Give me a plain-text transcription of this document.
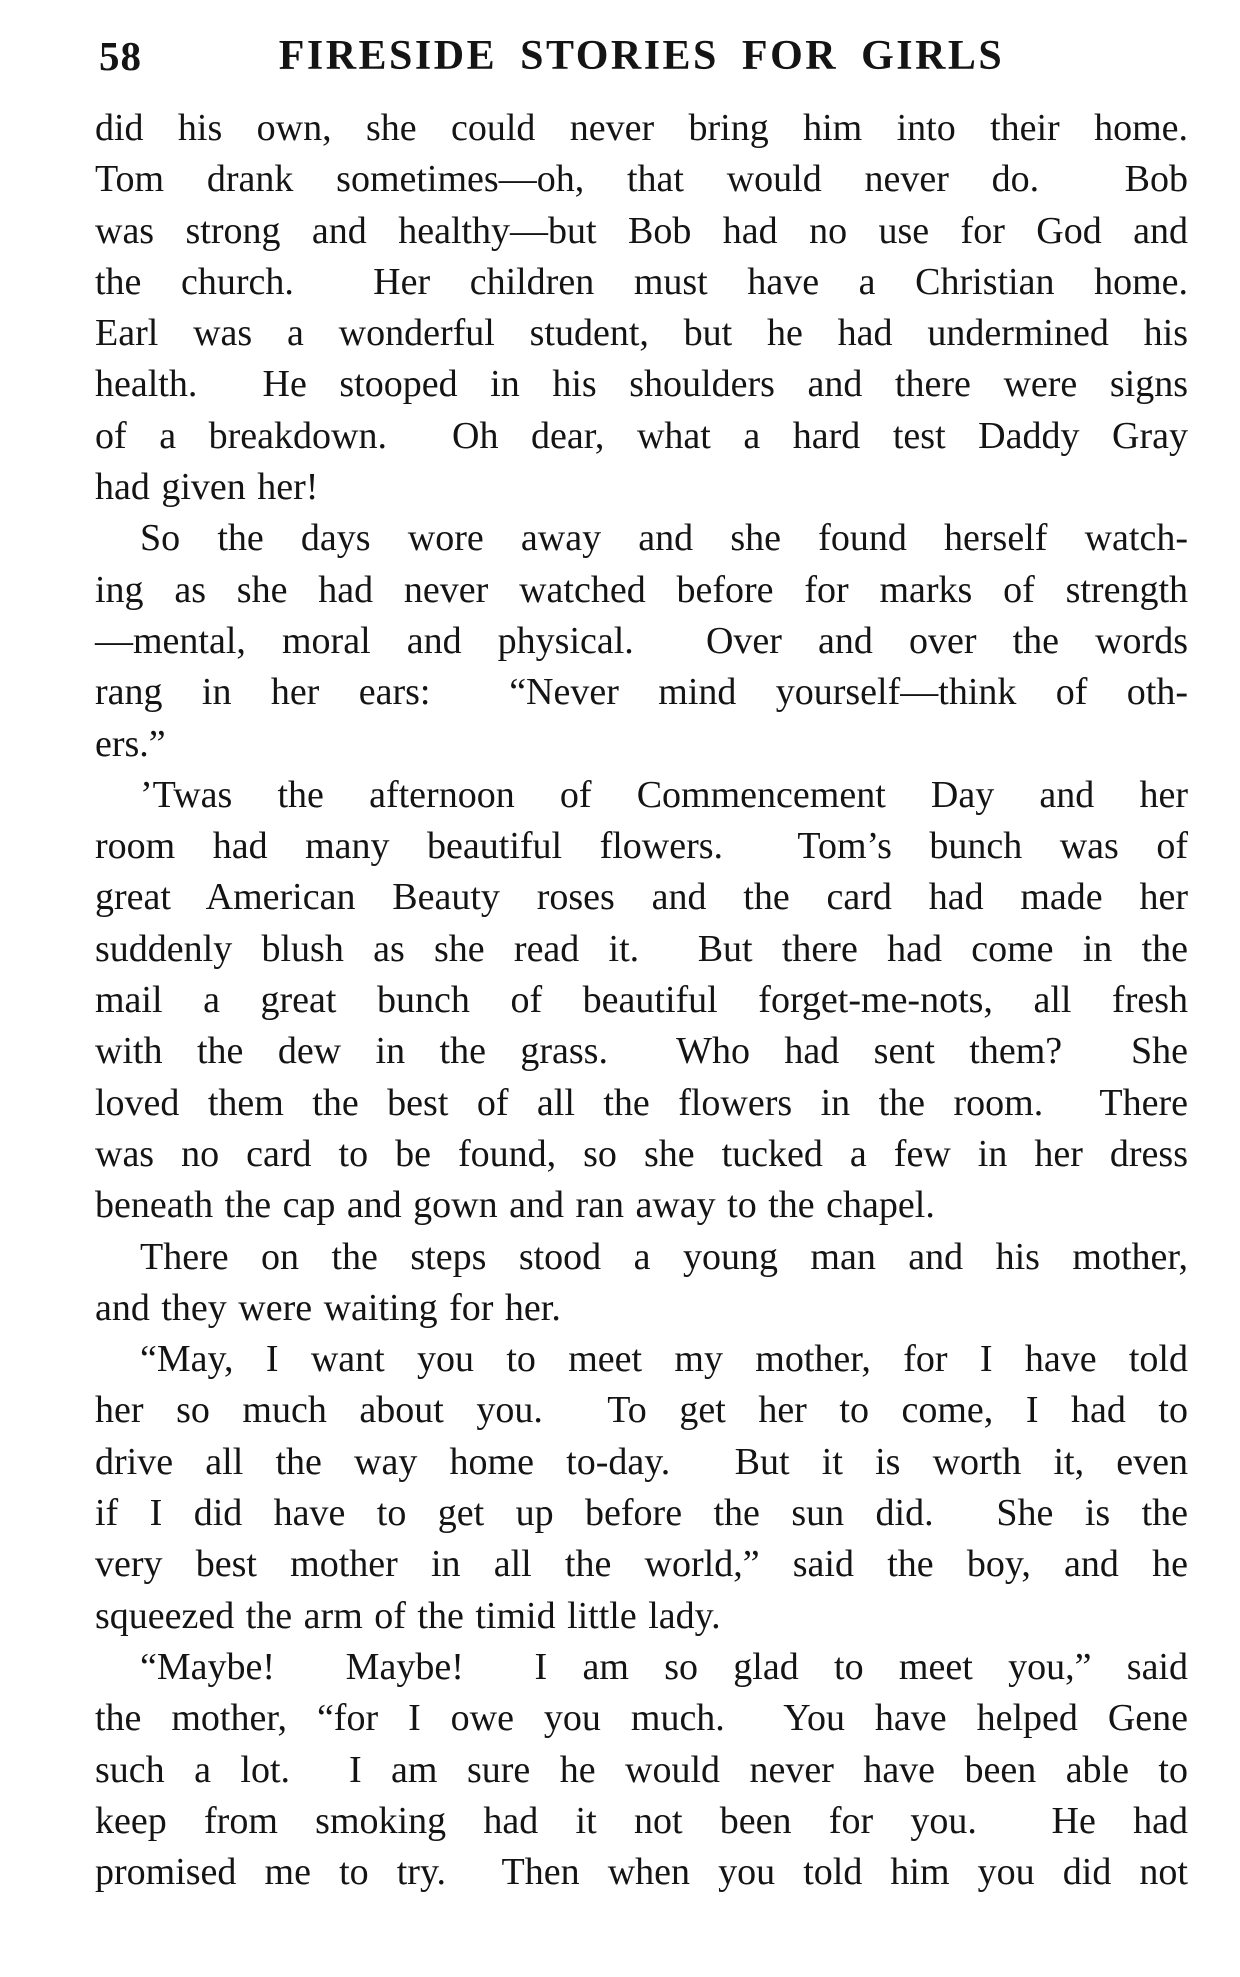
58	FIRESIDE STORIES FOR GIRLS
did his own, she could never bring him into their home.
Tom drank sometimes—oh, that would never do.  Bob
was strong and healthy—but Bob had no use for God and
the church.  Her children must have a Christian home.
Earl was a wonderful student, but he had undermined his
health.  He stooped in his shoulders and there were signs
of a breakdown.  Oh dear, what a hard test Daddy Gray
had given her!
So the days wore away and she found herself watch-
ing as she had never watched before for marks of strength
—mental, moral and physical.  Over and over the words
rang in her ears:  “Never mind yourself—think of oth-
ers.”
’Twas the afternoon of Commencement Day and her
room had many beautiful flowers.  Tom’s bunch was of
great American Beauty roses and the card had made her
suddenly blush as she read it.  But there had come in the
mail a great bunch of beautiful forget-me-nots, all fresh
with the dew in the grass.  Who had sent them?  She
loved them the best of all the flowers in the room.  There
was no card to be found, so she tucked a few in her dress
beneath the cap and gown and ran away to the chapel.
There on the steps stood a young man and his mother,
and they were waiting for her.
“May, I want you to meet my mother, for I have told
her so much about you.  To get her to come, I had to
drive all the way home to-day.  But it is worth it, even
if I did have to get up before the sun did.  She is the
very best mother in all the world,” said the boy, and he
squeezed the arm of the timid little lady.
“Maybe!  Maybe!  I am so glad to meet you,” said
the mother, “for I owe you much.  You have helped Gene
such a lot.  I am sure he would never have been able to
keep from smoking had it not been for you.  He had
promised me to try.  Then when you told him you did not
